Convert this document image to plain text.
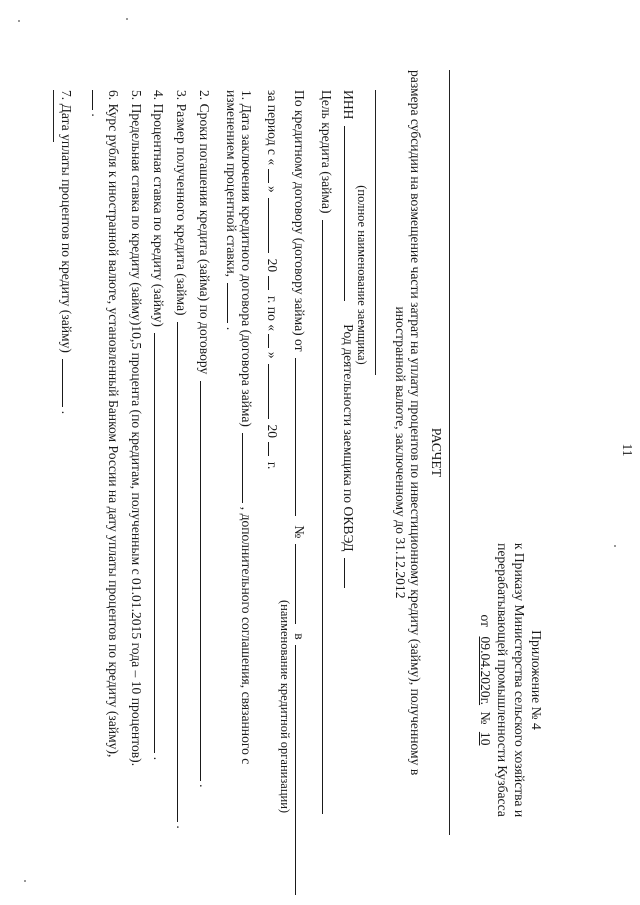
11
Приложение № 4
к Приказу Министерства сельского хозяйства и
перерабатывающей промышленности Кузбасса
от 09.04.2020г. № 10
РАСЧЕТ
размера субсидии на возмещение части затрат на уплату процентов по инвестиционному кредиту (займу), полученному в
иностранной валюте, заключенному до 31.12.2012
(полное наименование заемщика)
ИНН  Род деятельности заемщика по ОКВЭД
Цель кредита (займа)
По кредитному договору (договору займа) от  №  в
(наименование кредитной организации)
за период с «  »  20  г. по «  »  20  г.
1. Дата заключения кредитного договора (договора займа)  , дополнительного соглашения, связанного с
изменением процентной ставки,  .
2. Сроки погашения кредита (займа) по договору  .
3. Размер полученного кредита (займа)  .
4. Процентная ставка по кредиту (займу)  .
5. Предельная ставка по кредиту (займу)10,5 процента (по кредитам, полученным с 01.01.2015 года – 10 процентов).
6. Курс рубля к иностранной валюте, установленный Банком России на дату уплаты процентов по кредиту (займу),
.
7. Дата уплаты процентов по кредиту (займу)  .
